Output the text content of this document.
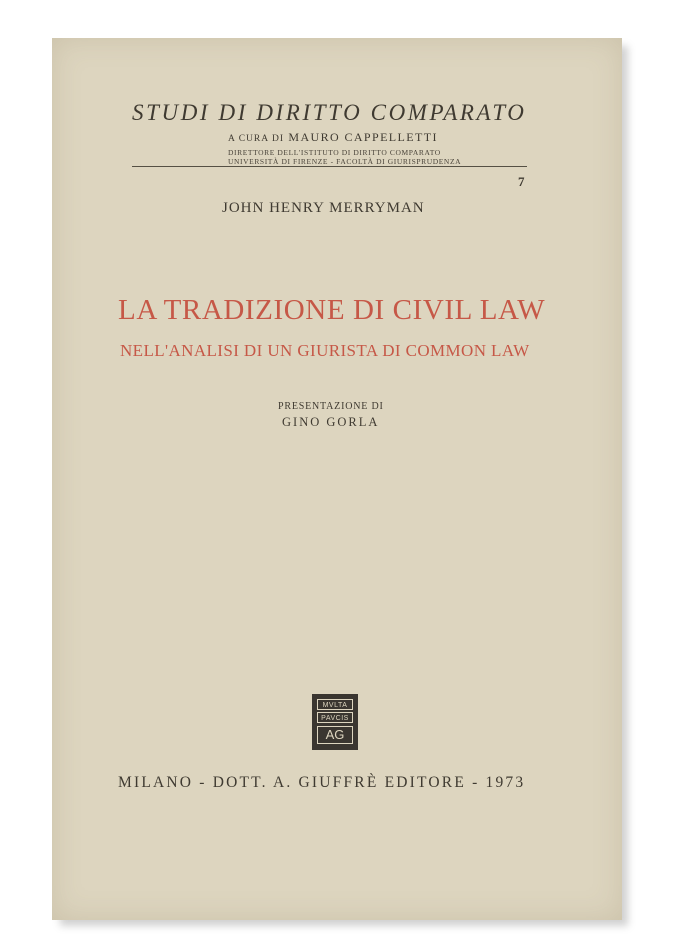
STUDI DI DIRITTO COMPARATO
A CURA DI MAURO CAPPELLETTI
DIRETTORE DELL'ISTITUTO DI DIRITTO COMPARATO
UNIVERSITÀ DI FIRENZE - FACOLTÀ DI GIURISPRUDENZA
7
JOHN HENRY MERRYMAN
LA TRADIZIONE DI CIVIL LAW
NELL'ANALISI DI UN GIURISTA DI COMMON LAW
PRESENTAZIONE DI
GINO GORLA
MVLTA
PAVCIS
AG
MILANO - DOTT. A. GIUFFRÈ EDITORE - 1973
